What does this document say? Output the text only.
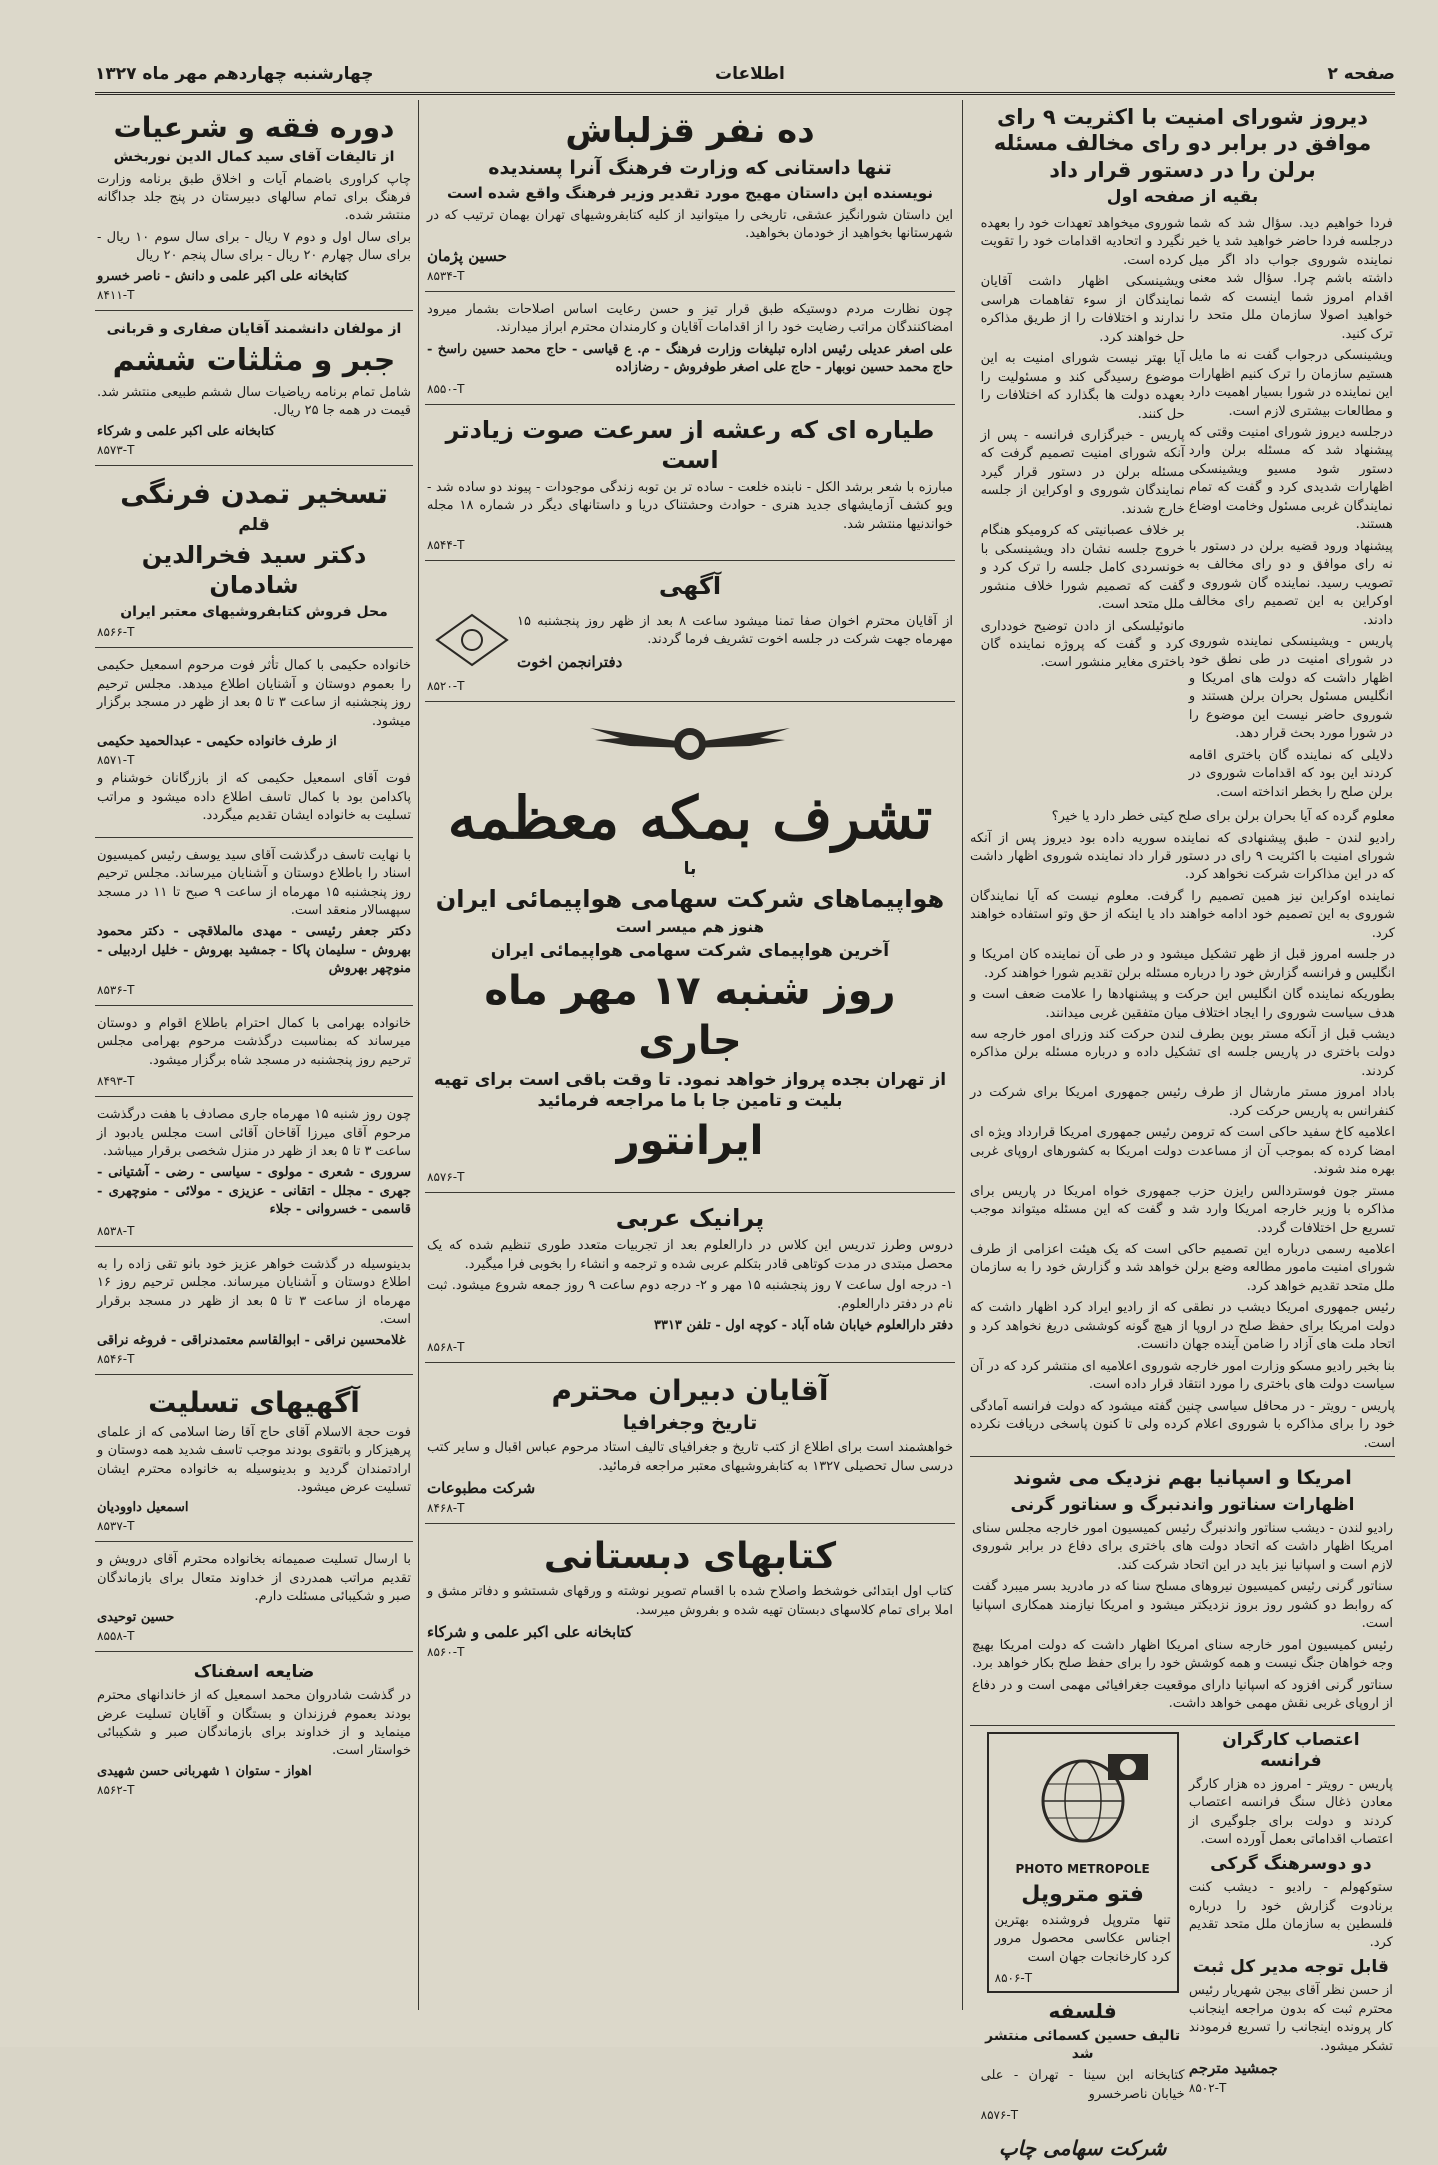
صفحه ۲
اطلاعات
چهارشنبه چهاردهم مهر ماه ۱۳۲۷
دیروز شورای امنیت با اکثریت ۹ رای موافق در برابر دو رای مخالف مسئله برلن را در دستور قرار داد
بقیه از صفحه اول

فردا خواهیم دید. سؤال شد که شما درجلسه فردا حاضر خواهید شد یا خیر نماینده شوروی جواب داد اگر میل داشته باشم چرا. سؤال شد معنی اقدام امروز شما اینست که شما خواهید اصولا سازمان ملل متحد را ترک کنید.

ویشینسکی درجواب گفت نه ما مایل هستیم سازمان را ترک کنیم اظهارات این نماینده در شورا بسیار اهمیت دارد و مطالعات بیشتری لازم است.

درجلسه دیروز شورای امنیت وقتی که پیشنهاد شد که مسئله برلن وارد دستور شود مسیو ویشینسکی اظهارات شدیدی کرد و گفت که تمام نمایندگان غربی مسئول وخامت اوضاع هستند.

پیشنهاد ورود قضیه برلن در دستور با نه رای موافق و دو رای مخالف به تصویب رسید. نماینده گان شوروی و اوکراین به این تصمیم رای مخالف دادند.

پاریس - ویشینسکی نماینده شوروی در شورای امنیت در طی نطق خود اظهار داشت که دولت های امریکا و انگلیس مسئول بحران برلن هستند و شوروی حاضر نیست این موضوع را در شورا مورد بحث قرار دهد.

دلایلی که نماینده گان باختری اقامه کردند این بود که اقدامات شوروی در برلن صلح را بخطر انداخته است.

شوروی میخواهد تعهدات خود را بعهده نگیرد و اتحادیه اقدامات خود را تقویت کرده است.

ویشینسکی اظهار داشت آقایان نمایندگان از سوء تفاهمات هراسی ندارند و اختلافات را از طریق مذاکره حل خواهند کرد.

آیا بهتر نیست شورای امنیت به این موضوع رسیدگی کند و مسئولیت را بعهده دولت ها بگذارد که اختلافات را حل کنند.

پاریس - خبرگزاری فرانسه - پس از آنکه شورای امنیت تصمیم گرفت که مسئله برلن در دستور قرار گیرد نمایندگان شوروی و اوکراین از جلسه خارج شدند.

بر خلاف عصبانیتی که کرومیکو هنگام خروج جلسه نشان داد ویشینسکی با خونسردی کامل جلسه را ترک کرد و گفت که تصمیم شورا خلاف منشور ملل متحد است.

مانوئیلسکی از دادن توضیح خودداری کرد و گفت که پروژه نماینده گان باختری مغایر منشور است.

معلوم گرده که آیا بحران برلن برای صلح کیتی خطر دارد یا خیر؟

رادیو لندن - طبق پیشنهادی که نماینده سوریه داده بود دیروز پس از آنکه شورای امنیت با اکثریت ۹ رای در دستور قرار داد نماینده شوروی اظهار داشت که در این مذاکرات شرکت نخواهد کرد.

نماینده اوکراین نیز همین تصمیم را گرفت. معلوم نیست که آیا نمایندگان شوروی به این تصمیم خود ادامه خواهند داد یا اینکه از حق وتو استفاده خواهند کرد.

در جلسه امروز قبل از ظهر تشکیل میشود و در طی آن نماینده کان امریکا و انگلیس و فرانسه گزارش خود را درباره مسئله برلن تقدیم شورا خواهند کرد.

بطوریکه نماینده گان انگلیس این حرکت و پیشنهادها را علامت ضعف است و هدف سیاست شوروی را ایجاد اختلاف میان متفقین غربی میدانند.

دیشب قبل از آنکه مستر بوین بطرف لندن حرکت کند وزرای امور خارجه سه دولت باختری در پاریس جلسه ای تشکیل داده و درباره مسئله برلن مذاکره کردند.

باداد امروز مستر مارشال از طرف رئیس جمهوری امریکا برای شرکت در کنفرانس به پاریس حرکت کرد.

اعلامیه کاخ سفید حاکی است که ترومن رئیس جمهوری امریکا قرارداد ویژه ای امضا کرده که بموجب آن از مساعدت دولت امریکا به کشورهای اروپای غربی بهره مند شوند.

مستر جون فوستردالس رایزن حزب جمهوری خواه امریکا در پاریس برای مذاکره با وزیر خارجه امریکا وارد شد و گفت که این مسئله میتواند موجب تسریع حل اختلافات گردد.

اعلامیه رسمی درباره این تصمیم حاکی است که یک هیئت اعزامی از طرف شورای امنیت مامور مطالعه وضع برلن خواهد شد و گزارش خود را به سازمان ملل متحد تقدیم خواهد کرد.

رئیس جمهوری امریکا دیشب در نطقی که از رادیو ایراد کرد اظهار داشت که دولت امریکا برای حفظ صلح در اروپا از هیچ گونه کوششی دریغ نخواهد کرد و اتحاد ملت های آزاد را ضامن آینده جهان دانست.

بنا بخبر رادیو مسکو وزارت امور خارجه شوروی اعلامیه ای منتشر کرد که در آن سیاست دولت های باختری را مورد انتقاد قرار داده است.

پاریس - رویتر - در محافل سیاسی چنین گفته میشود که دولت فرانسه آمادگی خود را برای مذاکره با شوروی اعلام کرده ولی تا کنون پاسخی دریافت نکرده است.

امریکا و اسپانیا بهم نزدیک می شوند
اظهارات سناتور واندنبرگ و سناتور گرنی

رادیو لندن - دیشب سناتور واندنبرگ رئیس کمیسیون امور خارجه مجلس سنای امریکا اظهار داشت که اتحاد دولت های باختری برای دفاع در برابر شوروی لازم است و اسپانیا نیز باید در این اتحاد شرکت کند.

سناتور گرنی رئیس کمیسیون نیروهای مسلح سنا که در مادرید بسر میبرد گفت که روابط دو کشور روز بروز نزدیکتر میشود و امریکا نیازمند همکاری اسپانیا است.

رئیس کمیسیون امور خارجه سنای امریکا اظهار داشت که دولت امریکا بهیچ وجه خواهان جنگ نیست و همه کوشش خود را برای حفظ صلح بکار خواهد برد.

سناتور گرنی افزود که اسپانیا دارای موقعیت جغرافیائی مهمی است و در دفاع از اروپای غربی نقش مهمی خواهد داشت.

اعتصاب کارگران فرانسه

پاریس - رویتر - امروز ده هزار کارگر معادن ذغال سنگ فرانسه اعتصاب کردند و دولت برای جلوگیری از اعتصاب اقداماتی بعمل آورده است.

دو دوسرهنگ گرکی

ستوکهولم - رادیو - دیشب کنت برنادوت گزارش خود را درباره فلسطین به سازمان ملل متحد تقدیم کرد.

قابل توجه مدیر کل ثبت

از حسن نظر آقای بیجن شهریار رئیس محترم ثبت که بدون مراجعه اینجانب کار پرونده اینجانب را تسریع فرمودند تشکر میشود.

جمشید مترجم
۸۵۰۲-T
PHOTO METROPOLE
فتو متروپل

تنها متروپل فروشنده بهترین اجناس عکاسی محصول مرور کرد کارخانجات جهان است

۸۵۰۶-T
فلسفه
تالیف حسین کسمائی منتشر شد

کتابخانه ابن سینا - تهران - علی خیابان ناصرخسرو

۸۵۷۶-T
شرکت سهامی چاپ
ده نفر قزلباش
تنها داستانی که وزارت فرهنگ آنرا پسندیده
نویسنده این داستان مهیج مورد تقدیر وزیر فرهنگ واقع شده است

این داستان شورانگیز عشقی، تاریخی را میتوانید از کلیه کتابفروشیهای تهران بهمان ترتیب که در شهرستانها بخواهید از خودمان بخواهید.

حسین پژمان
۸۵۳۴-T

چون نظارت مردم دوستیکه طبق قرار تیز و حسن رعایت اساس اصلاحات بشمار میرود امضاکنندگان مراتب رضایت خود را از اقدامات آقایان و کارمندان محترم ابراز میدارند.

علی اصغر عدیلی رئیس اداره تبلیغات وزارت فرهنگ - م. ع قیاسی - حاج محمد حسین راسخ - حاج محمد حسین نوبهار - حاج علی اصغر طوفروش - رضازاده

۸۵۵۰-T
طیاره ای که رعشه از سرعت صوت زیادتر است

مبارزه با شعر برشد الکل - نابنده خلعت - ساده تر بن توبه زندگی موجودات - پیوند دو ساده شد - ویو کشف آزمایشهای جدید هنری - حوادث وحشتناک دریا و داستانهای دیگر در شماره ۱۸ مجله خواندنیها منتشر شد.

۸۵۴۴-T
آگهی

از آقایان محترم اخوان صفا تمنا میشود ساعت ۸ بعد از ظهر روز پنجشنبه ۱۵ مهرماه جهت شرکت در جلسه اخوت تشریف فرما گردند.

دفترانجمن اخوت
۸۵۲۰-T
تشرف بمکه معظمه
با
هواپیماهای شرکت سهامی هواپیمائی ایران
هنوز هم میسر است
آخرین هواپیمای شرکت سهامی هواپیمائی ایران
روز شنبه ۱۷ مهر ماه جاری
از تهران بجده پرواز خواهد نمود. تا وقت باقی است برای تهیه بلیت و تامین جا با ما مراجعه فرمائید
ایرانتور
۸۵۷۶-T
پرانیک عربی

دروس وطرز تدریس این کلاس در دارالعلوم بعد از تجربیات متعدد طوری تنظیم شده که یک محصل مبتدی در مدت کوتاهی قادر بتکلم عربی شده و ترجمه و انشاء را بخوبی فرا میگیرد.

۱- درجه اول ساعت ۷ روز پنجشنبه ۱۵ مهر و ۲- درجه دوم ساعت ۹ روز جمعه شروع میشود. ثبت نام در دفتر دارالعلوم.

دفتر دارالعلوم خیابان شاه آباد - کوچه اول - تلفن ۳۳۱۳

۸۵۶۸-T
آقایان دبیران محترم
تاریخ وجغرافیا

خواهشمند است برای اطلاع از کتب تاریخ و جغرافیای تالیف استاد مرحوم عباس اقبال و سایر کتب درسی سال تحصیلی ۱۳۲۷ به کتابفروشیهای معتبر مراجعه فرمائید.

شرکت مطبوعات
۸۴۶۸-T
کتابهای دبستانی

کتاب اول ابتدائی خوشخط واصلاح شده با اقسام تصویر نوشته و ورقهای شستشو و دفاتر مشق و املا برای تمام کلاسهای دبستان تهیه شده و بفروش میرسد.

کتابخانه علی اکبر علمی و شرکاء
۸۵۶۰-T
دوره فقه و شرعیات
از تالیفات آقای سید کمال الدین نوربخش

چاپ کراوری باضمام آیات و اخلاق طبق برنامه وزارت فرهنگ برای تمام سالهای دبیرستان در پنج جلد جداگانه منتشر شده.

برای سال اول و دوم ۷ ریال - برای سال سوم ۱۰ ریال - برای سال چهارم ۲۰ ریال - برای سال پنجم ۲۰ ریال

کتابخانه علی اکبر علمی و دانش - ناصر خسرو
۸۴۱۱-T
از مولفان دانشمند آقایان صفاری و قربانی
جبر و مثلثات ششم

شامل تمام برنامه ریاضیات سال ششم طبیعی منتشر شد. قیمت در همه جا ۲۵ ریال.

کتابخانه علی اکبر علمی و شرکاء
۸۵۷۳-T
تسخیر تمدن فرنگی
قلم
دکتر سید فخرالدین شادمان
محل فروش کتابفروشیهای معتبر ایران
۸۵۶۶-T

خانواده حکیمی با کمال تأثر فوت مرحوم اسمعیل حکیمی را بعموم دوستان و آشنایان اطلاع میدهد. مجلس ترحیم روز پنجشنبه از ساعت ۳ تا ۵ بعد از ظهر در مسجد برگزار میشود.

از طرف خانواده حکیمی - عبدالحمید حکیمی
۸۵۷۱-T

فوت آقای اسمعیل حکیمی که از بازرگانان خوشنام و پاکدامن بود با کمال تاسف اطلاع داده میشود و مراتب تسلیت به خانواده ایشان تقدیم میگردد.

با نهایت تاسف درگذشت آقای سید یوسف رئیس کمیسیون اسناد را باطلاع دوستان و آشنایان میرساند. مجلس ترحیم روز پنجشنبه ۱۵ مهرماه از ساعت ۹ صبح تا ۱۱ در مسجد سپهسالار منعقد است.

دکتر جعفر رئیسی - مهدی مالملاقچی - دکتر محمود بهروش - سلیمان پاکا - جمشید بهروش - خلیل اردبیلی - منوچهر بهروش

۸۵۳۶-T

خانواده بهرامی با کمال احترام باطلاع اقوام و دوستان میرساند که بمناسبت درگذشت مرحوم بهرامی مجلس ترحیم روز پنجشنبه در مسجد شاه برگزار میشود.

۸۴۹۳-T

چون روز شنبه ۱۵ مهرماه جاری مصادف با هفت درگذشت مرحوم آقای میرزا آقاخان آقائی است مجلس یادبود از ساعت ۳ تا ۵ بعد از ظهر در منزل شخصی برقرار میباشد.

سروری - شعری - مولوی - سیاسی - رضی - آشتیانی - جهری - مجلل - اتقانی - عزیزی - مولائی - منوچهری - قاسمی - خسروانی - جلاء

۸۵۳۸-T

بدینوسیله در گذشت خواهر عزیز خود بانو تقی زاده را به اطلاع دوستان و آشنایان میرساند. مجلس ترحیم روز ۱۶ مهرماه از ساعت ۳ تا ۵ بعد از ظهر در مسجد برقرار است.

غلامحسین نراقی - ابوالقاسم معتمدنراقی - فروغه نراقی
۸۵۴۶-T
آگهیهای تسلیت

فوت حجة الاسلام آقای حاج آقا رضا اسلامی که از علمای پرهیزکار و باتقوی بودند موجب تاسف شدید همه دوستان و ارادتمندان گردید و بدینوسیله به خانواده محترم ایشان تسلیت عرض میشود.

اسمعیل داوودیان
۸۵۳۷-T

با ارسال تسلیت صمیمانه بخانواده محترم آقای درویش و تقدیم مراتب همدردی از خداوند متعال برای بازماندگان صبر و شکیبائی مسئلت دارم.

حسین توحیدی
۸۵۵۸-T
ضایعه اسفناک

در گذشت شادروان محمد اسمعیل که از خاندانهای محترم بودند بعموم فرزندان و بستگان و آقایان تسلیت عرض مینماید و از خداوند برای بازماندگان صبر و شکیبائی خواستار است.

اهواز - ستوان ۱ شهربانی حسن شهیدی
۸۵۶۲-T
